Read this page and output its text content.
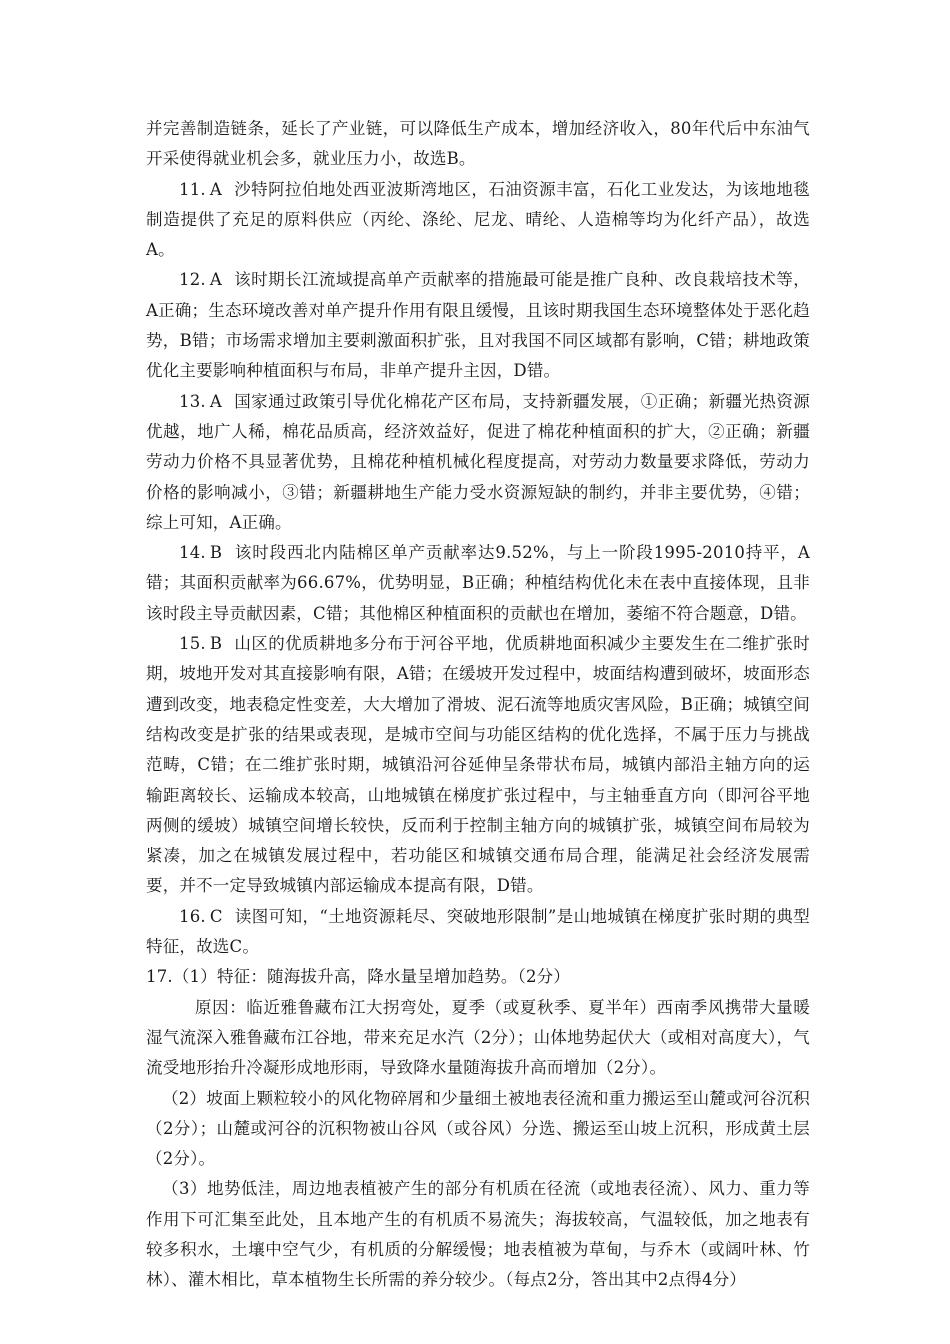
并完善制造链条，延长了产业链，可以降低生产成本，增加经济收入，80年代后中东油气开采使得就业机会多，就业压力小，故选B。

11. A 沙特阿拉伯地处西亚波斯湾地区，石油资源丰富，石化工业发达，为该地地毯制造提供了充足的原料供应（丙纶、涤纶、尼龙、晴纶、人造棉等均为化纤产品），故选A。

12. A 该时期长江流域提高单产贡献率的措施最可能是推广良种、改良栽培技术等，A正确；生态环境改善对单产提升作用有限且缓慢，且该时期我国生态环境整体处于恶化趋势，B错；市场需求增加主要刺激面积扩张，且对我国不同区域都有影响，C错；耕地政策优化主要影响种植面积与布局，非单产提升主因，D错。

13. A 国家通过政策引导优化棉花产区布局，支持新疆发展，①正确；新疆光热资源优越，地广人稀，棉花品质高，经济效益好，促进了棉花种植面积的扩大，②正确；新疆劳动力价格不具显著优势，且棉花种植机械化程度提高，对劳动力数量要求降低，劳动力价格的影响减小，③错；新疆耕地生产能力受水资源短缺的制约，并非主要优势，④错；综上可知，A正确。

14. B 该时段西北内陆棉区单产贡献率达9.52%，与上一阶段1995-2010持平，A错；其面积贡献率为66.67%，优势明显，B正确；种植结构优化未在表中直接体现，且非该时段主导贡献因素，C错；其他棉区种植面积的贡献也在增加，萎缩不符合题意，D错。

15. B 山区的优质耕地多分布于河谷平地，优质耕地面积减少主要发生在二维扩张时期，坡地开发对其直接影响有限，A错；在缓坡开发过程中，坡面结构遭到破坏，坡面形态遭到改变，地表稳定性变差，大大增加了滑坡、泥石流等地质灾害风险，B正确；城镇空间结构改变是扩张的结果或表现，是城市空间与功能区结构的优化选择，不属于压力与挑战范畴，C错；在二维扩张时期，城镇沿河谷延伸呈条带状布局，城镇内部沿主轴方向的运输距离较长、运输成本较高，山地城镇在梯度扩张过程中，与主轴垂直方向（即河谷平地两侧的缓坡）城镇空间增长较快，反而利于控制主轴方向的城镇扩张，城镇空间布局较为紧凑，加之在城镇发展过程中，若功能区和城镇交通布局合理，能满足社会经济发展需要，并不一定导致城镇内部运输成本提高有限，D错。

16. C 读图可知，“土地资源耗尽、突破地形限制”是山地城镇在梯度扩张时期的典型特征，故选C。

17.（1）特征：随海拔升高，降水量呈增加趋势。（2分）

原因：临近雅鲁藏布江大拐弯处，夏季（或夏秋季、夏半年）西南季风携带大量暖湿气流深入雅鲁藏布江谷地，带来充足水汽（2分）；山体地势起伏大（或相对高度大），气流受地形抬升冷凝形成地形雨，导致降水量随海拔升高而增加（2分）。

（2）坡面上颗粒较小的风化物碎屑和少量细土被地表径流和重力搬运至山麓或河谷沉积（2分）；山麓或河谷的沉积物被山谷风（或谷风）分选、搬运至山坡上沉积，形成黄土层（2分）。

（3）地势低洼，周边地表植被产生的部分有机质在径流（或地表径流）、风力、重力等作用下可汇集至此处，且本地产生的有机质不易流失；海拔较高，气温较低，加之地表有较多积水，土壤中空气少，有机质的分解缓慢；地表植被为草甸，与乔木（或阔叶林、竹林）、灌木相比，草本植物生长所需的养分较少。（每点2分，答出其中2点得4分）
